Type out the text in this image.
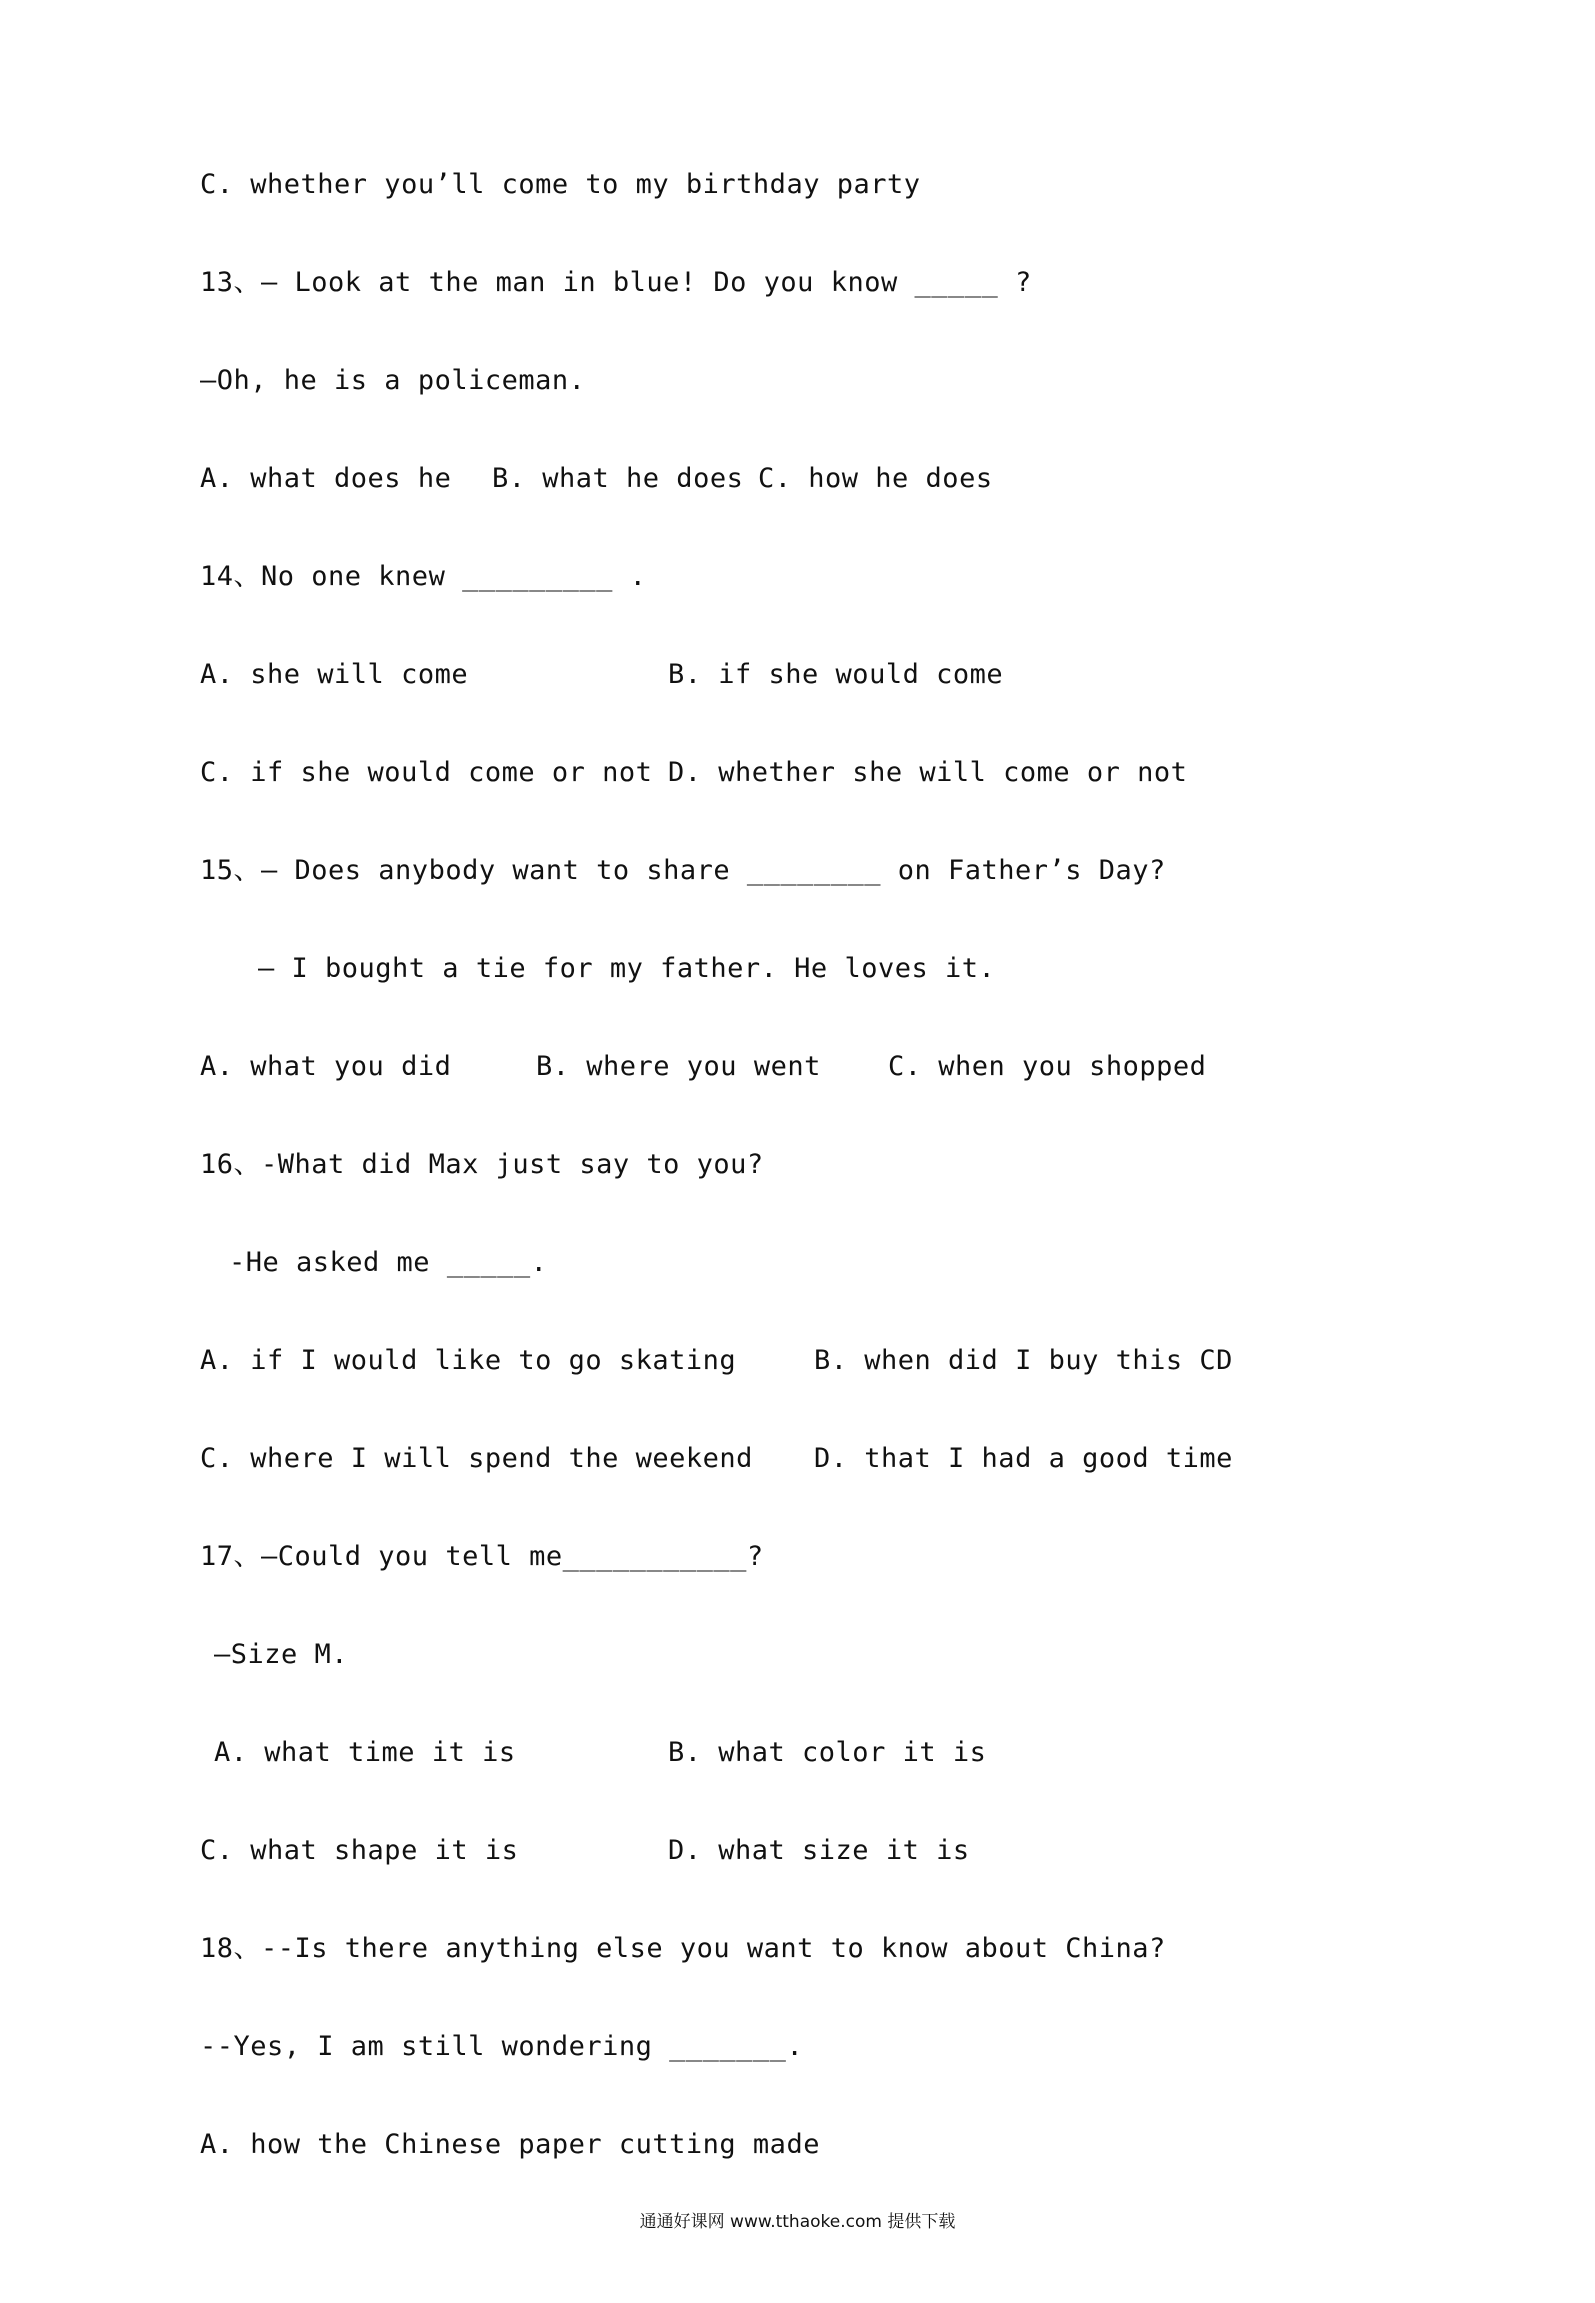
C. whether you’ll come to my birthday party
13、— Look at the man in blue! Do you know _____ ?
—Oh, he is a policeman.
A. what does he B. what he does C. how he does
14、No one knew _________ .
A. she will come	B. if she would come
C. if she would come or not D. whether she will come or not
15、— Does anybody want to share ________ on Father’s Day?
— I bought a tie for my father. He loves it.
A. what you did	B. where you went C. when you shopped
16、-What did Max just say to you?
-He asked me _____.
A. if I would like to go skating	B. when did I buy this CD
C. where I will spend the weekend D. that I had a good time
17、—Could you tell me___________?
—Size M.
A. what time it is	B. what color it is
C. what shape it is	D. what size it is
18、--Is there anything else you want to know about China?
--Yes, I am still wondering _______.
A. how the Chinese paper cutting made
通通好课网 www.tthaoke.com 提供下载
